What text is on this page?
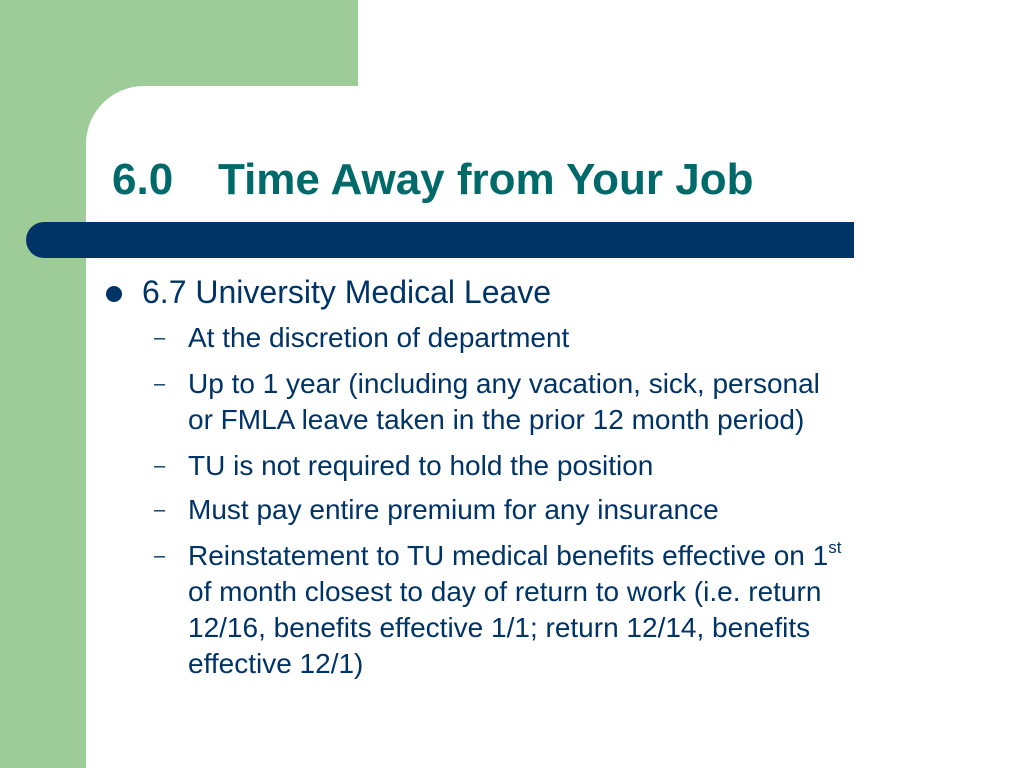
6.0 Time Away from Your Job
6.7 University Medical Leave
– At the discretion of department
– Up to 1 year (including any vacation, sick, personal
or FMLA leave taken in the prior 12 month period)
– TU is not required to hold the position
– Must pay entire premium for any insurance
– Reinstatement to TU medical benefits effective on 1st
of month closest to day of return to work (i.e. return
12/16, benefits effective 1/1; return 12/14, benefits
effective 12/1)
